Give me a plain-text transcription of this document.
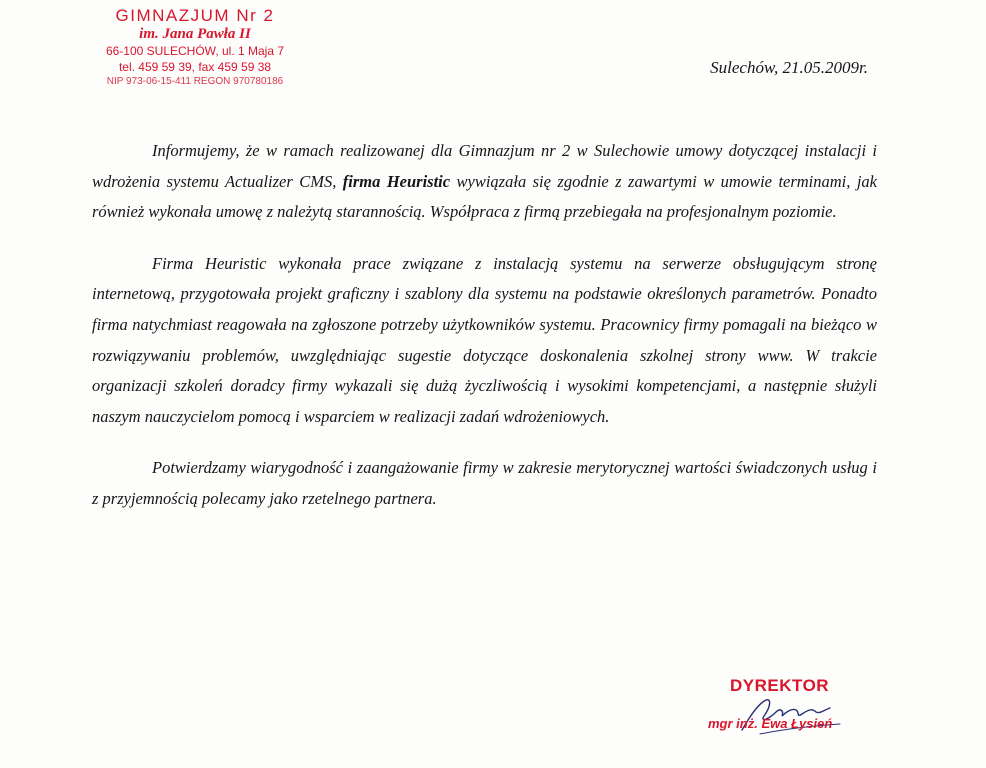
GIMNAZJUM Nr 2
im. Jana Pawła II
66-100 SULECHÓW, ul. 1 Maja 7
tel. 459 59 39, fax 459 59 38
NIP 973-06-15-411 REGON 970780186
Sulechów, 21.05.2009r.

Informujemy, że w ramach realizowanej dla Gimnazjum nr 2 w Sulechowie umowy dotyczącej instalacji i wdrożenia systemu Actualizer CMS, firma Heuristic wywiązała się zgodnie z zawartymi w umowie terminami, jak również wykonała umowę z należytą starannością. Współpraca z firmą przebiegała na profesjonalnym poziomie.

Firma Heuristic wykonała prace związane z instalacją systemu na serwerze obsługującym stronę internetową, przygotowała projekt graficzny i szablony dla systemu na podstawie określonych parametrów. Ponadto firma natychmiast reagowała na zgłoszone potrzeby użytkowników systemu. Pracownicy firmy pomagali na bieżąco w rozwiązywaniu problemów, uwzględniając sugestie dotyczące doskonalenia szkolnej strony www. W trakcie organizacji szkoleń doradcy firmy wykazali się dużą życzliwością i wysokimi kompetencjami, a następnie służyli naszym nauczycielom pomocą i wsparciem w realizacji zadań wdrożeniowych.

Potwierdzamy wiarygodność i zaangażowanie firmy w zakresie merytorycznej wartości świadczonych usług i z przyjemnością polecamy jako rzetelnego partnera.

DYREKTOR
mgr inż. Ewa Łysień
